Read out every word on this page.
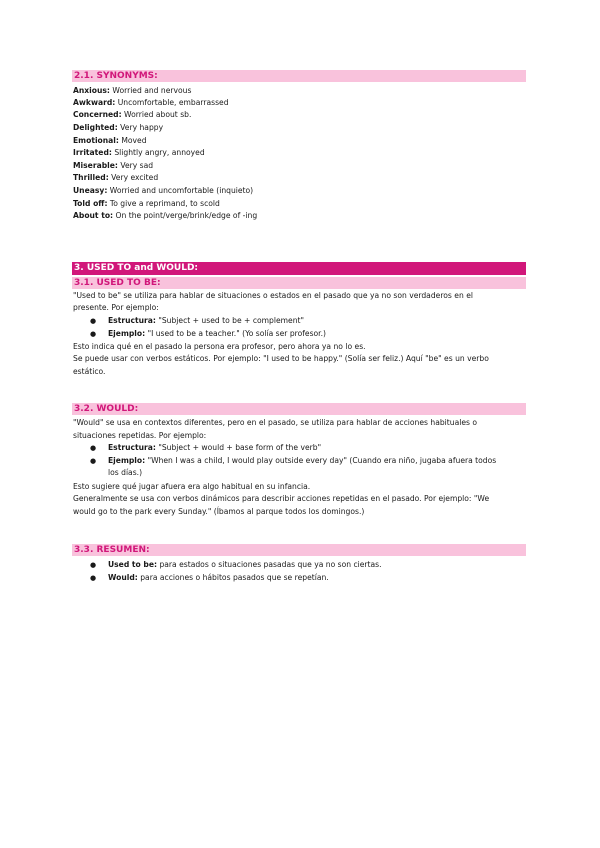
2.1. SYNONYMS:
Anxious: Worried and nervous
Awkward: Uncomfortable, embarrassed
Concerned: Worried about sb.
Delighted: Very happy
Emotional: Moved
Irritated: Slightly angry, annoyed
Miserable: Very sad
Thrilled: Very excited
Uneasy: Worried and uncomfortable (inquieto)
Told off: To give a reprimand, to scold
About to: On the point/verge/brink/edge of -ing
3. USED TO and WOULD:
3.1. USED TO BE:
"Used to be" se utiliza para hablar de situaciones o estados en el pasado que ya no son verdaderos en el
presente. Por ejemplo:
● Estructura: "Subject + used to be + complement"
● Ejemplo: "I used to be a teacher." (Yo solía ser profesor.)
Esto indica qué en el pasado la persona era profesor, pero ahora ya no lo es.
Se puede usar con verbos estáticos. Por ejemplo: "I used to be happy." (Solía ser feliz.) Aquí "be" es un verbo
estático.
3.2. WOULD:
"Would" se usa en contextos diferentes, pero en el pasado, se utiliza para hablar de acciones habituales o
situaciones repetidas. Por ejemplo:
● Estructura: "Subject + would + base form of the verb"
● Ejemplo: "When I was a child, I would play outside every day" (Cuando era niño, jugaba afuera todos
los días.)
Esto sugiere qué jugar afuera era algo habitual en su infancia.
Generalmente se usa con verbos dinámicos para describir acciones repetidas en el pasado. Por ejemplo: "We
would go to the park every Sunday." (Íbamos al parque todos los domingos.)
3.3. RESUMEN:
● Used to be: para estados o situaciones pasadas que ya no son ciertas.
● Would: para acciones o hábitos pasados que se repetían.
